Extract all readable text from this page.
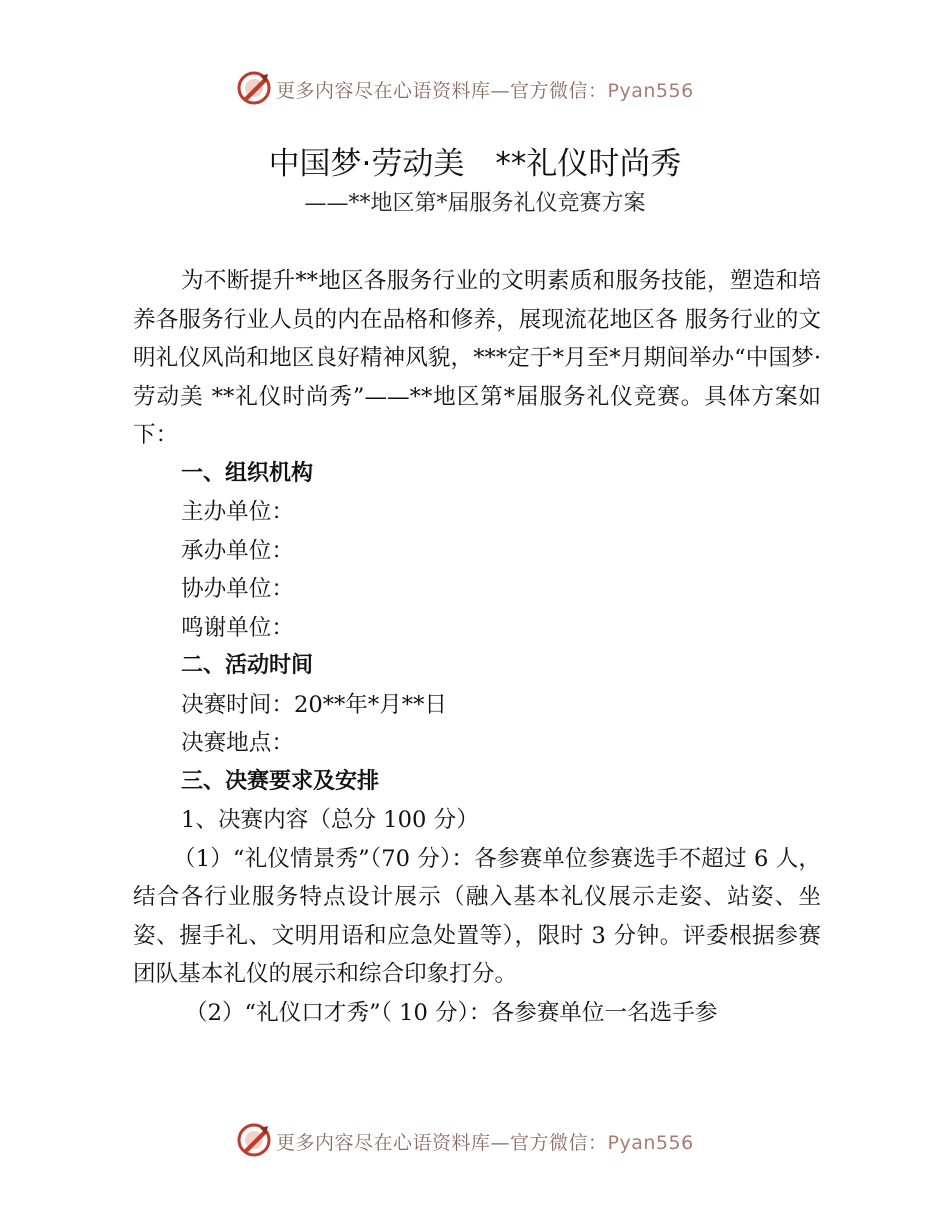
更多内容尽在心语资料库—官方微信：Pyan556
中国梦·劳动美　**礼仪时尚秀
——**地区第*届服务礼仪竞赛方案

为不断提升**地区各服务行业的文明素质和服务技能，塑造和培养各服务行业人员的内在品格和修养，展现流花地区各 服务行业的文明礼仪风尚和地区良好精神风貌，***定于*月至*月期间举办“中国梦·劳动美 **礼仪时尚秀”——**地区第*届服务礼仪竞赛。具体方案如下：

一、组织机构

主办单位：

承办单位：

协办单位：

鸣谢单位：

二、活动时间

决赛时间：20**年*月**日

决赛地点：

三、决赛要求及安排

1、决赛内容（总分 100 分）

（1）“礼仪情景秀”（70 分）：各参赛单位参赛选手不超过 6 人，结合各行业服务特点设计展示（融入基本礼仪展示走姿、站姿、坐姿、握手礼、文明用语和应急处置等），限时 3 分钟。评委根据参赛团队基本礼仪的展示和综合印象打分。

（2）“礼仪口才秀”（ 10 分）：各参赛单位一名选手参

更多内容尽在心语资料库—官方微信：Pyan556
